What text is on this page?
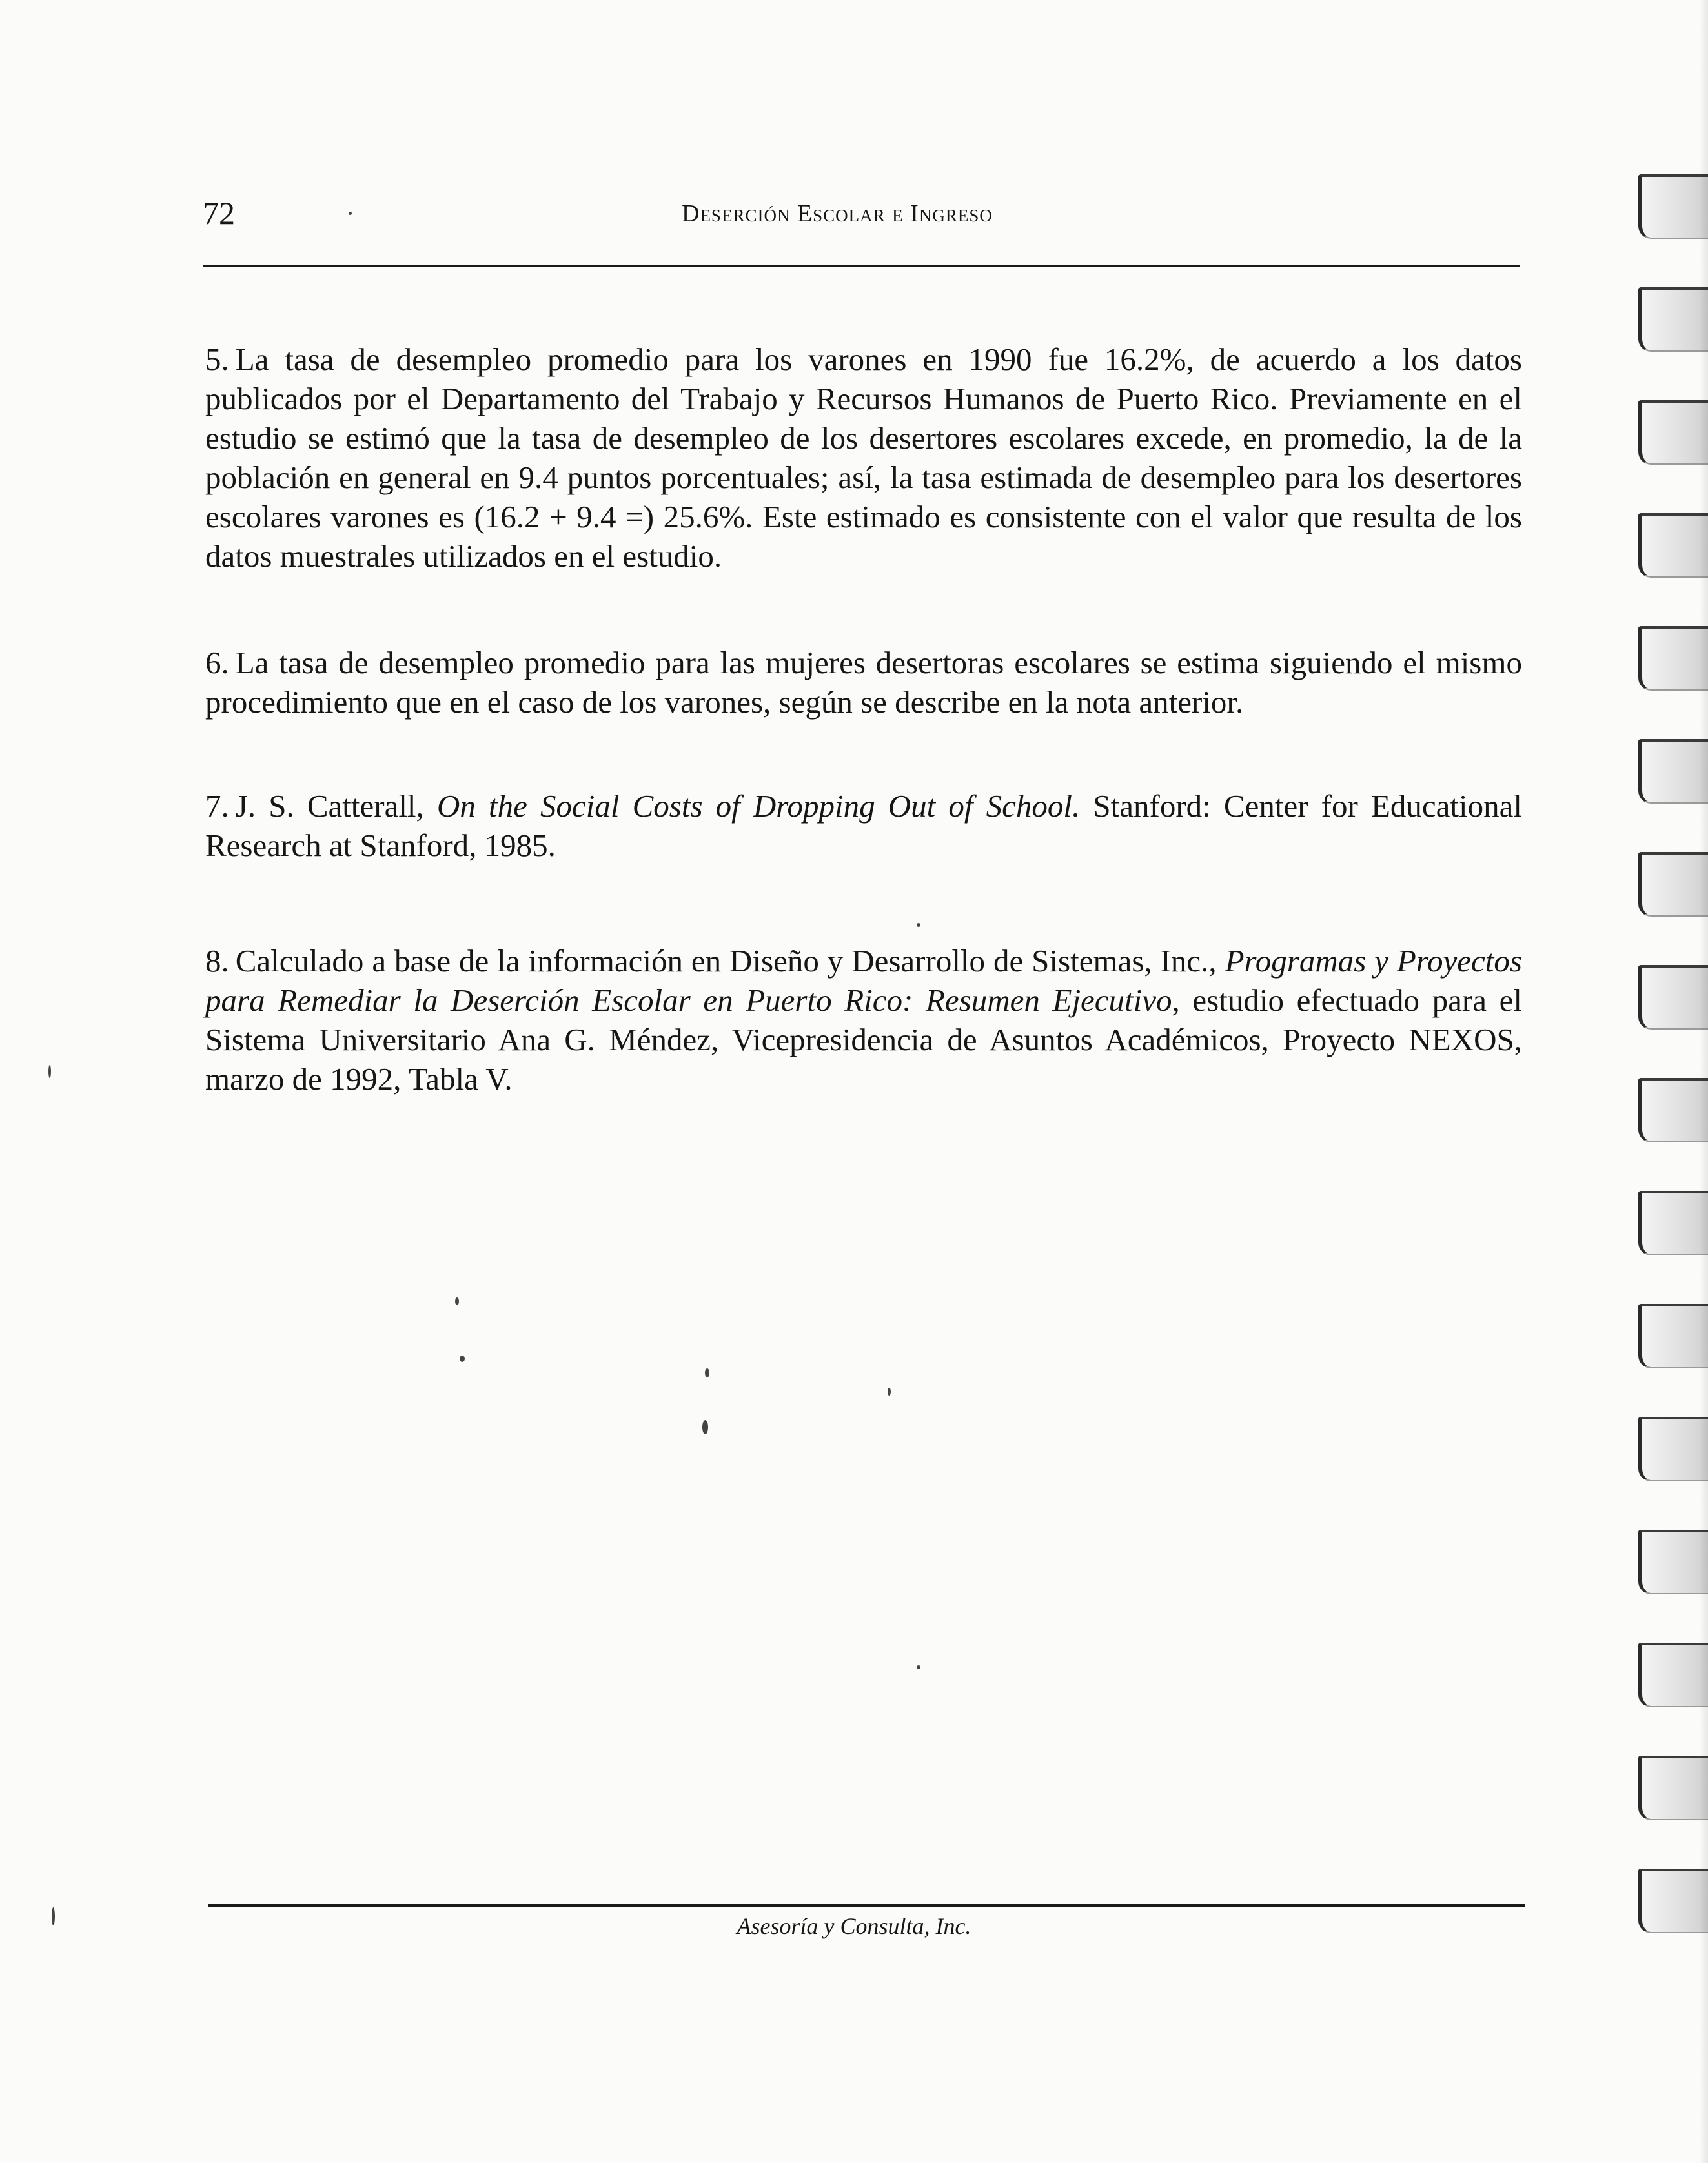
72	Deserción Escolar e Ingreso

5. La tasa de desempleo promedio para los varones en 1990 fue 16.2%, de acuerdo a los datos publicados por el Departamento del Trabajo y Recursos Humanos de Puerto Rico. Previamente en el estudio se estimó que la tasa de desempleo de los desertores escolares excede, en promedio, la de la población en general en 9.4 puntos porcentuales; así, la tasa estimada de desempleo para los desertores escolares varones es (16.2 + 9.4 =) 25.6%. Este estimado es consistente con el valor que resulta de los datos muestrales utilizados en el estudio.

6. La tasa de desempleo promedio para las mujeres desertoras escolares se estima siguiendo el mismo procedimiento que en el caso de los varones, según se describe en la nota anterior.

7. J. S. Catterall, On the Social Costs of Dropping Out of School. Stanford: Center for Educational Research at Stanford, 1985.

8. Calculado a base de la información en Diseño y Desarrollo de Sistemas, Inc., Programas y Proyectos para Remediar la Deserción Escolar en Puerto Rico: Resumen Ejecutivo, estudio efectuado para el Sistema Universitario Ana G. Méndez, Vicepresidencia de Asuntos Académicos, Proyecto NEXOS, marzo de 1992, Tabla V.

Asesoría y Consulta, Inc.
